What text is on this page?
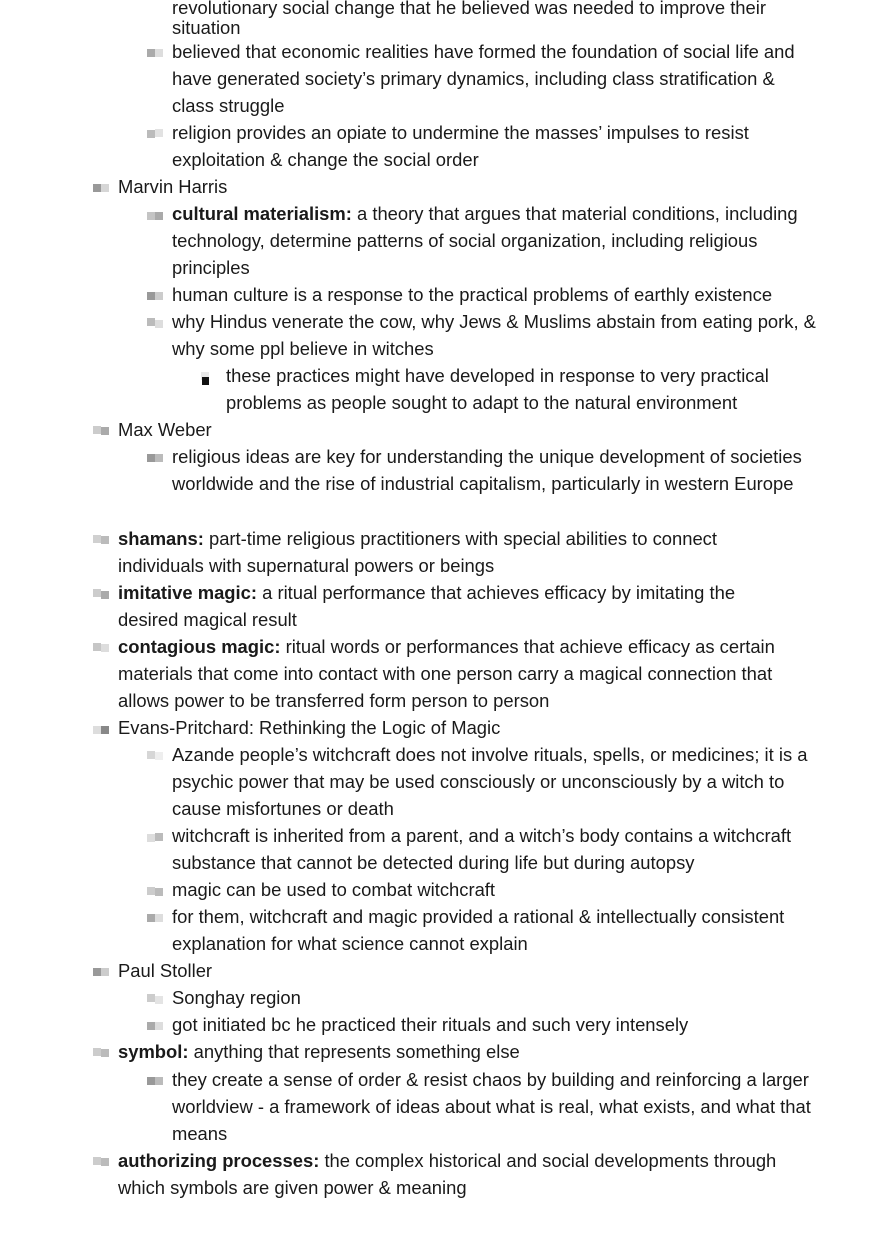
revolutionary social change that he believed was needed to improve their situation
believed that economic realities have formed the foundation of social life and have generated society’s primary dynamics, including class stratification & class struggle
religion provides an opiate to undermine the masses’ impulses to resist exploitation & change the social order
Marvin Harris
cultural materialism: a theory that argues that material conditions, including technology, determine patterns of social organization, including religious principles
human culture is a response to the practical problems of earthly existence
why Hindus venerate the cow, why Jews & Muslims abstain from eating pork, & why some ppl believe in witches
these practices might have developed in response to very practical problems as people sought to adapt to the natural environment
Max Weber
religious ideas are key for understanding the unique development of societies worldwide and the rise of industrial capitalism, particularly in western Europe
shamans: part-time religious practitioners with special abilities to connect individuals with supernatural powers or beings
imitative magic: a ritual performance that achieves efficacy by imitating the desired magical result
contagious magic: ritual words or performances that achieve efficacy as certain materials that come into contact with one person carry a magical connection that allows power to be transferred form person to person
Evans-Pritchard: Rethinking the Logic of Magic
Azande people’s witchcraft does not involve rituals, spells, or medicines; it is a psychic power that may be used consciously or unconsciously by a witch to cause misfortunes or death
witchcraft is inherited from a parent, and a witch’s body contains a witchcraft substance that cannot be detected during life but during autopsy
magic can be used to combat witchcraft
for them, witchcraft and magic provided a rational & intellectually consistent explanation for what science cannot explain
Paul Stoller
Songhay region
got initiated bc he practiced their rituals and such very intensely
symbol: anything that represents something else
they create a sense of order & resist chaos by building and reinforcing a larger worldview - a framework of ideas about what is real, what exists, and what that means
authorizing processes: the complex historical and social developments through which symbols are given power & meaning
